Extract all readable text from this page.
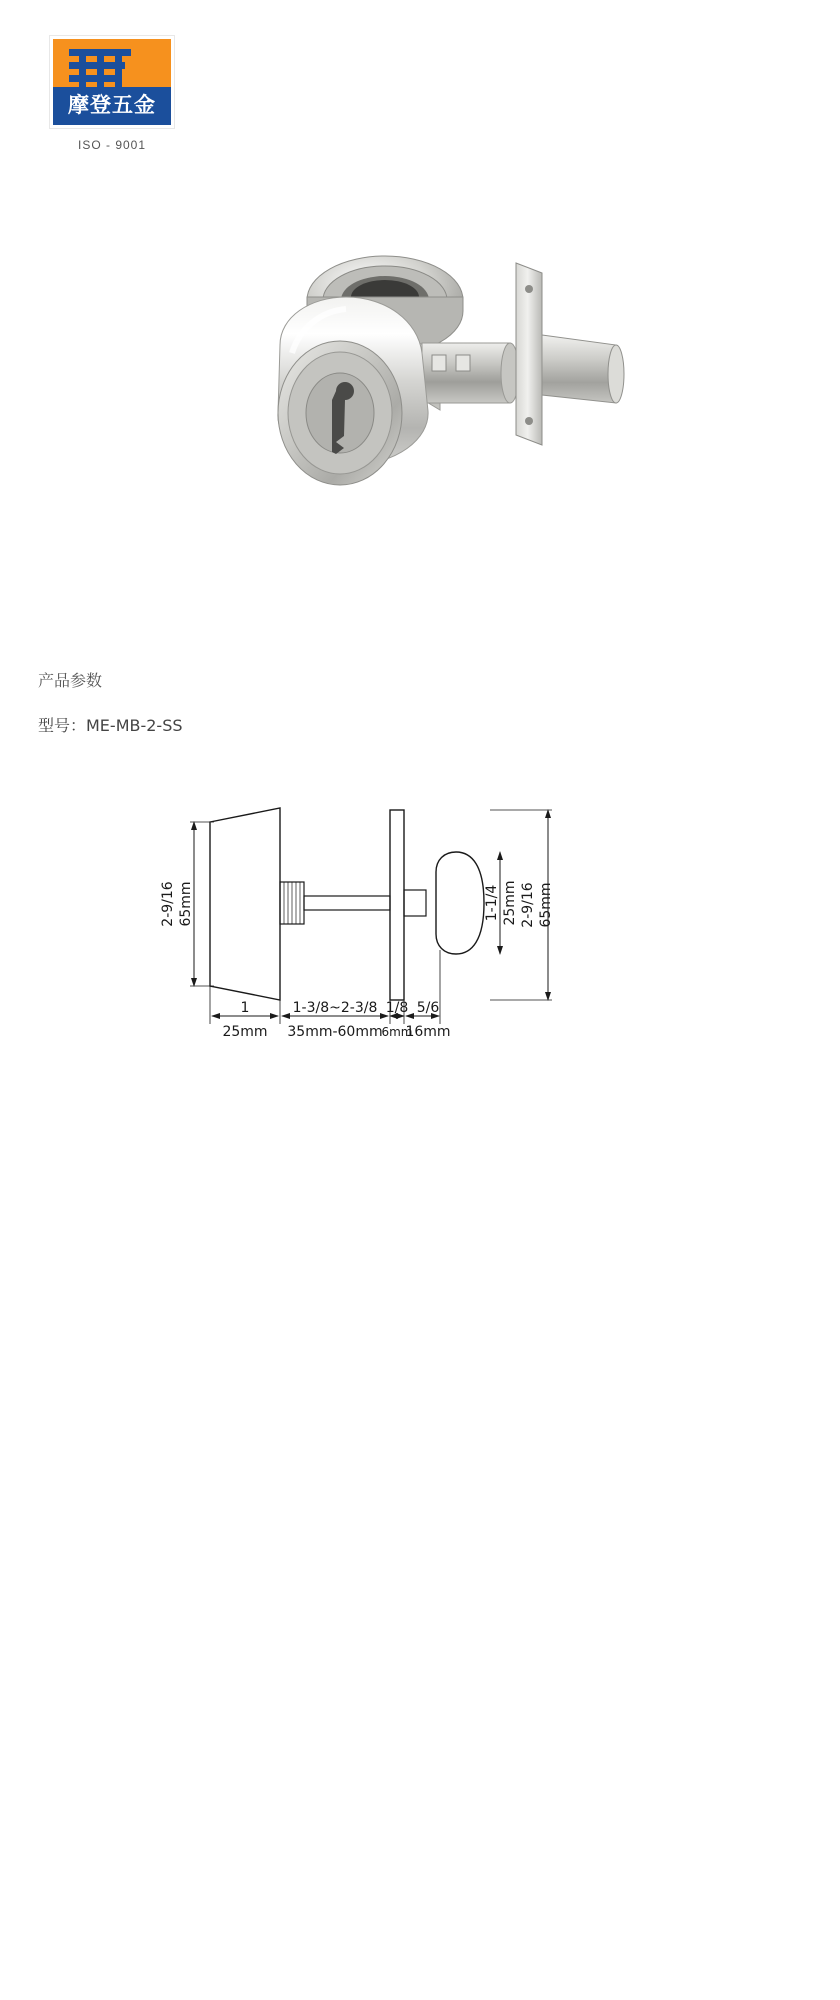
摩登五金
ISO - 9001
产品参数
型号：ME-MB-2-SS
2-9/16 65mm	1-1/4 25mm 2-9/16 65mm
1
25mm
1-3/8~2-3/8
35mm-60mm
1/8
6mm
5/6
16mm
